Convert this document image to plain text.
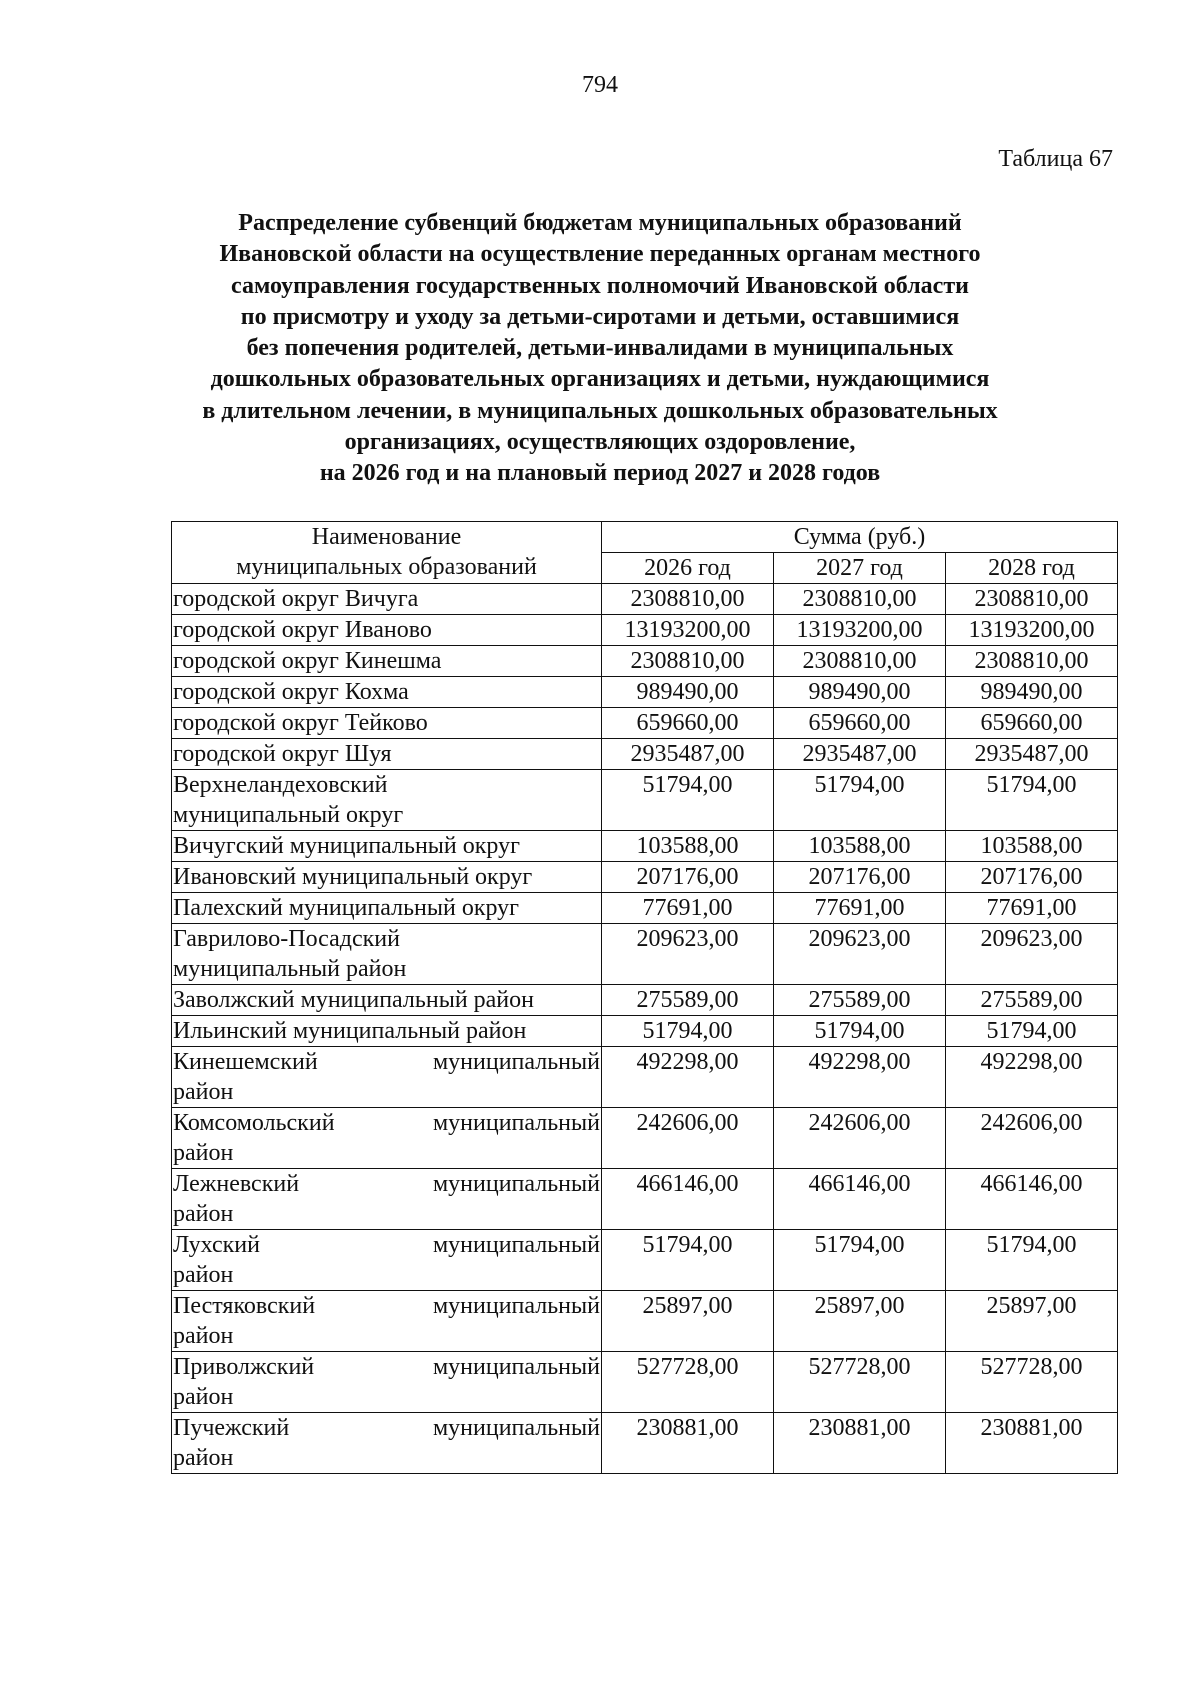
794
Таблица 67
Распределение субвенций бюджетам муниципальных образований
Ивановской области на осуществление переданных органам местного
самоуправления государственных полномочий Ивановской области
по присмотру и уходу за детьми-сиротами и детьми, оставшимися
без попечения родителей, детьми-инвалидами в муниципальных
дошкольных образовательных организациях и детьми, нуждающимися
в длительном лечении, в муниципальных дошкольных образовательных
организациях, осуществляющих оздоровление,
на 2026 год и на плановый период 2027 и 2028 годов
Наименование
муниципальных образований	Сумма (руб.)		
	2026 год	2027 год	2028 год

городской округ Вичуга	2308810,00	2308810,00	2308810,00

городской округ Иваново	13193200,00	13193200,00	13193200,00

городской округ Кинешма	2308810,00	2308810,00	2308810,00

городской округ Кохма	989490,00	989490,00	989490,00

городской округ Тейково	659660,00	659660,00	659660,00

городской округ Шуя	2935487,00	2935487,00	2935487,00

Верхнеландеховский
муниципальный округ	51794,00	51794,00	51794,00

Вичугский муниципальный округ	103588,00	103588,00	103588,00

Ивановский муниципальный округ	207176,00	207176,00	207176,00

Палехский муниципальный округ	77691,00	77691,00	77691,00

Гаврилово-Посадский
муниципальный район	209623,00	209623,00	209623,00

Заволжский муниципальный район	275589,00	275589,00	275589,00

Ильинский муниципальный район	51794,00	51794,00	51794,00

Кинешемский муниципальный
район	492298,00	492298,00	492298,00

Комсомольский муниципальный
район	242606,00	242606,00	242606,00

Лежневский муниципальный
район	466146,00	466146,00	466146,00

Лухский муниципальный
район	51794,00	51794,00	51794,00

Пестяковский муниципальный
район	25897,00	25897,00	25897,00

Приволжский муниципальный
район	527728,00	527728,00	527728,00

Пучежский муниципальный
район	230881,00	230881,00	230881,00
